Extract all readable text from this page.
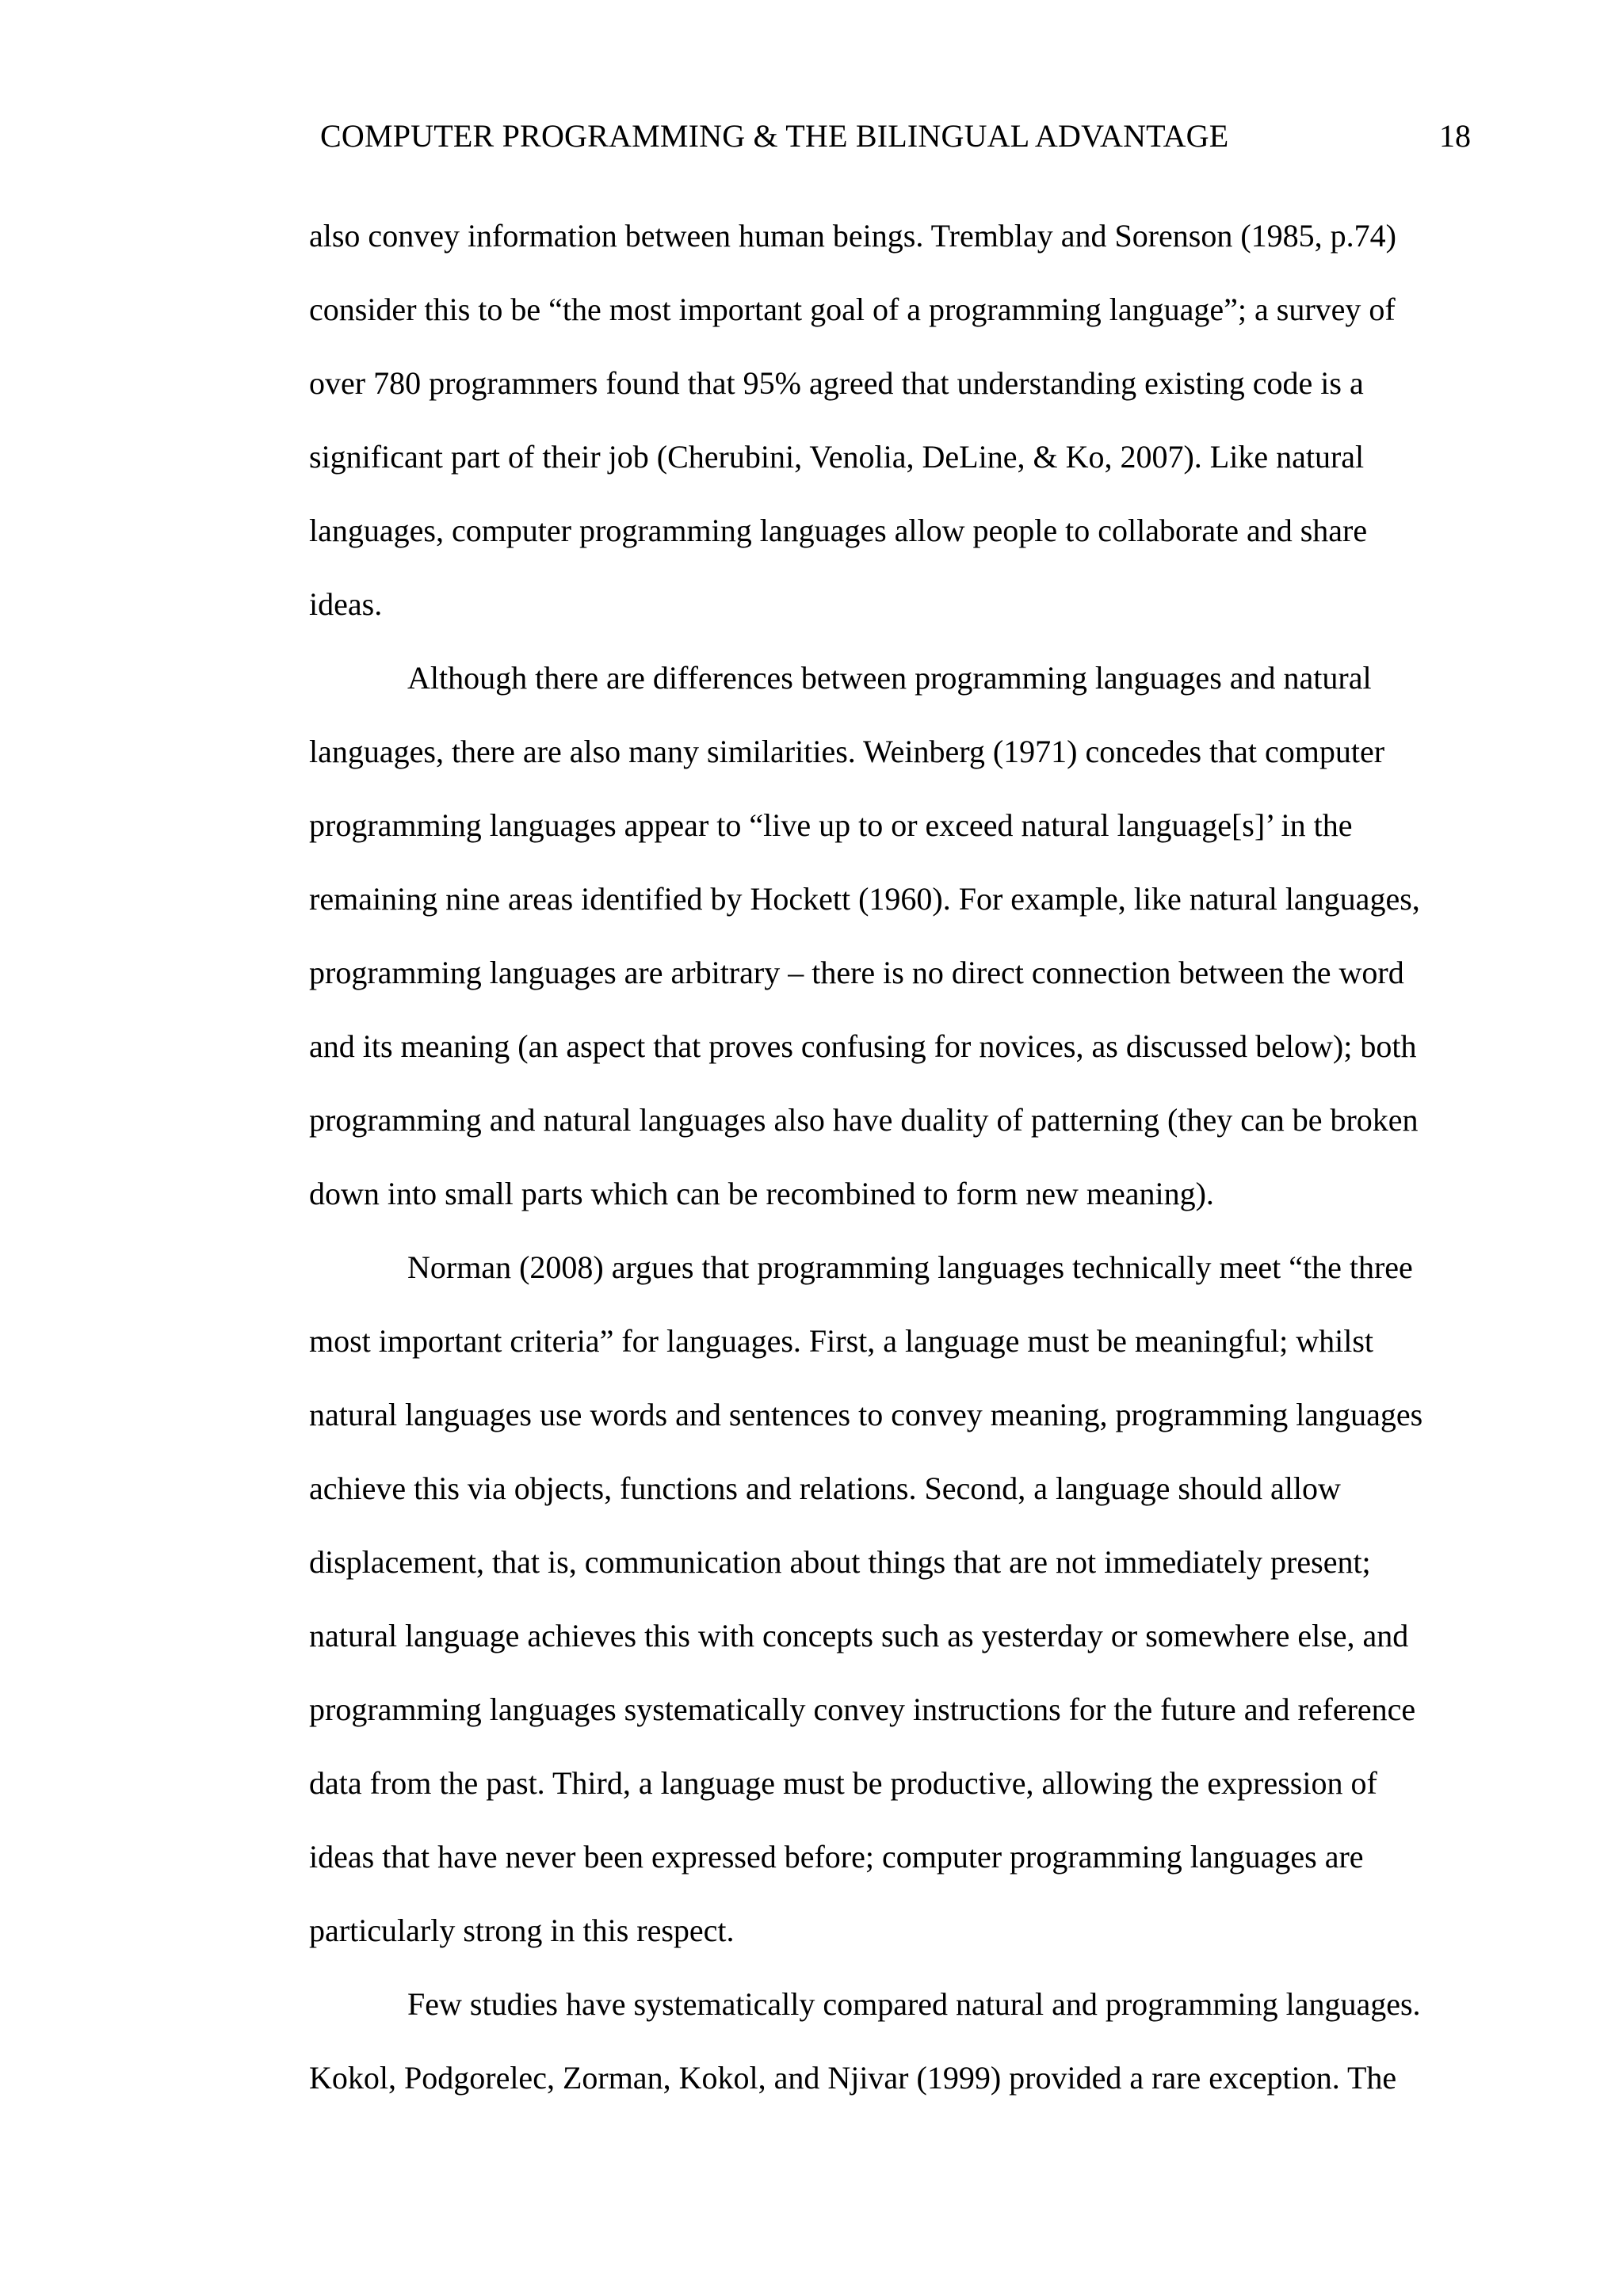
COMPUTER PROGRAMMING & THE BILINGUAL ADVANTAGE	18
also convey information between human beings. Tremblay and Sorenson (1985, p.74)
consider this to be “the most important goal of a programming language”; a survey of
over 780 programmers found that 95% agreed that understanding existing code is a
significant part of their job (Cherubini, Venolia, DeLine, & Ko, 2007). Like natural
languages, computer programming languages allow people to collaborate and share
ideas.
Although there are differences between programming languages and natural
languages, there are also many similarities. Weinberg (1971) concedes that computer
programming languages appear to “live up to or exceed natural language[s]’ in the
remaining nine areas identified by Hockett (1960). For example, like natural languages,
programming languages are arbitrary – there is no direct connection between the word
and its meaning (an aspect that proves confusing for novices, as discussed below); both
programming and natural languages also have duality of patterning (they can be broken
down into small parts which can be recombined to form new meaning).
Norman (2008) argues that programming languages technically meet “the three
most important criteria” for languages. First, a language must be meaningful; whilst
natural languages use words and sentences to convey meaning, programming languages
achieve this via objects, functions and relations. Second, a language should allow
displacement, that is, communication about things that are not immediately present;
natural language achieves this with concepts such as yesterday or somewhere else, and
programming languages systematically convey instructions for the future and reference
data from the past. Third, a language must be productive, allowing the expression of
ideas that have never been expressed before; computer programming languages are
particularly strong in this respect.
Few studies have systematically compared natural and programming languages.
Kokol, Podgorelec, Zorman, Kokol, and Njivar (1999) provided a rare exception. The
